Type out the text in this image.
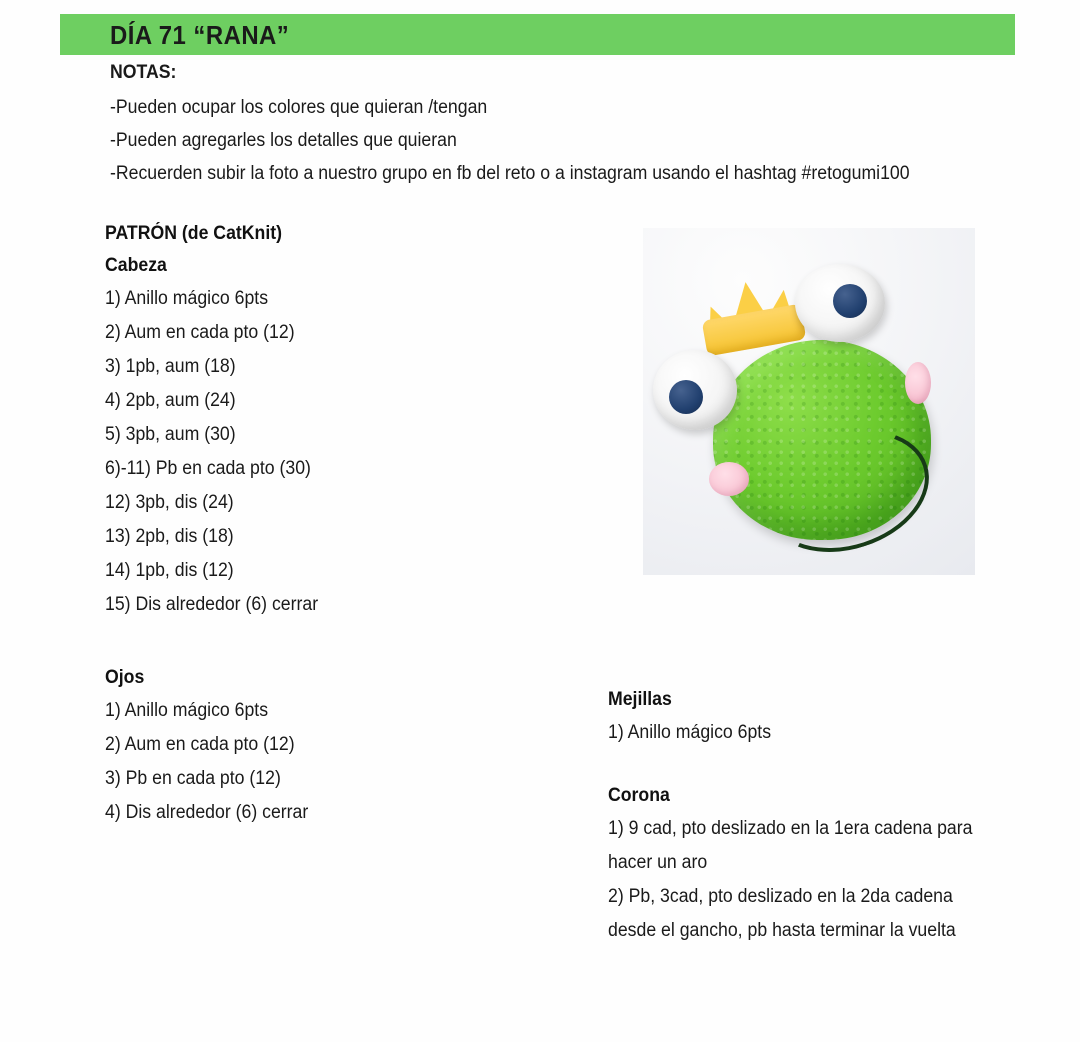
DÍA 71 “RANA”
NOTAS:
-Pueden ocupar los colores que quieran /tengan
-Pueden agregarles los detalles que quieran
-Recuerden subir la foto a nuestro grupo en fb del reto o a instagram usando el hashtag #retogumi100
PATRÓN (de CatKnit)
Cabeza
1) Anillo mágico 6pts
2) Aum en cada pto (12)
3) 1pb, aum (18)
4) 2pb, aum (24)
5) 3pb, aum (30)
6)-11) Pb en cada pto (30)
12) 3pb, dis (24)
13) 2pb, dis (18)
14) 1pb, dis (12)
15) Dis alrededor (6) cerrar
Ojos
1) Anillo mágico 6pts
2) Aum en cada pto (12)
3) Pb en cada pto (12)
4) Dis alrededor (6) cerrar
Mejillas
1) Anillo mágico 6pts
Corona
1) 9 cad, pto deslizado en la 1era cadena para hacer un aro
2) Pb, 3cad, pto deslizado en la 2da cadena desde el gancho, pb hasta terminar la vuelta
